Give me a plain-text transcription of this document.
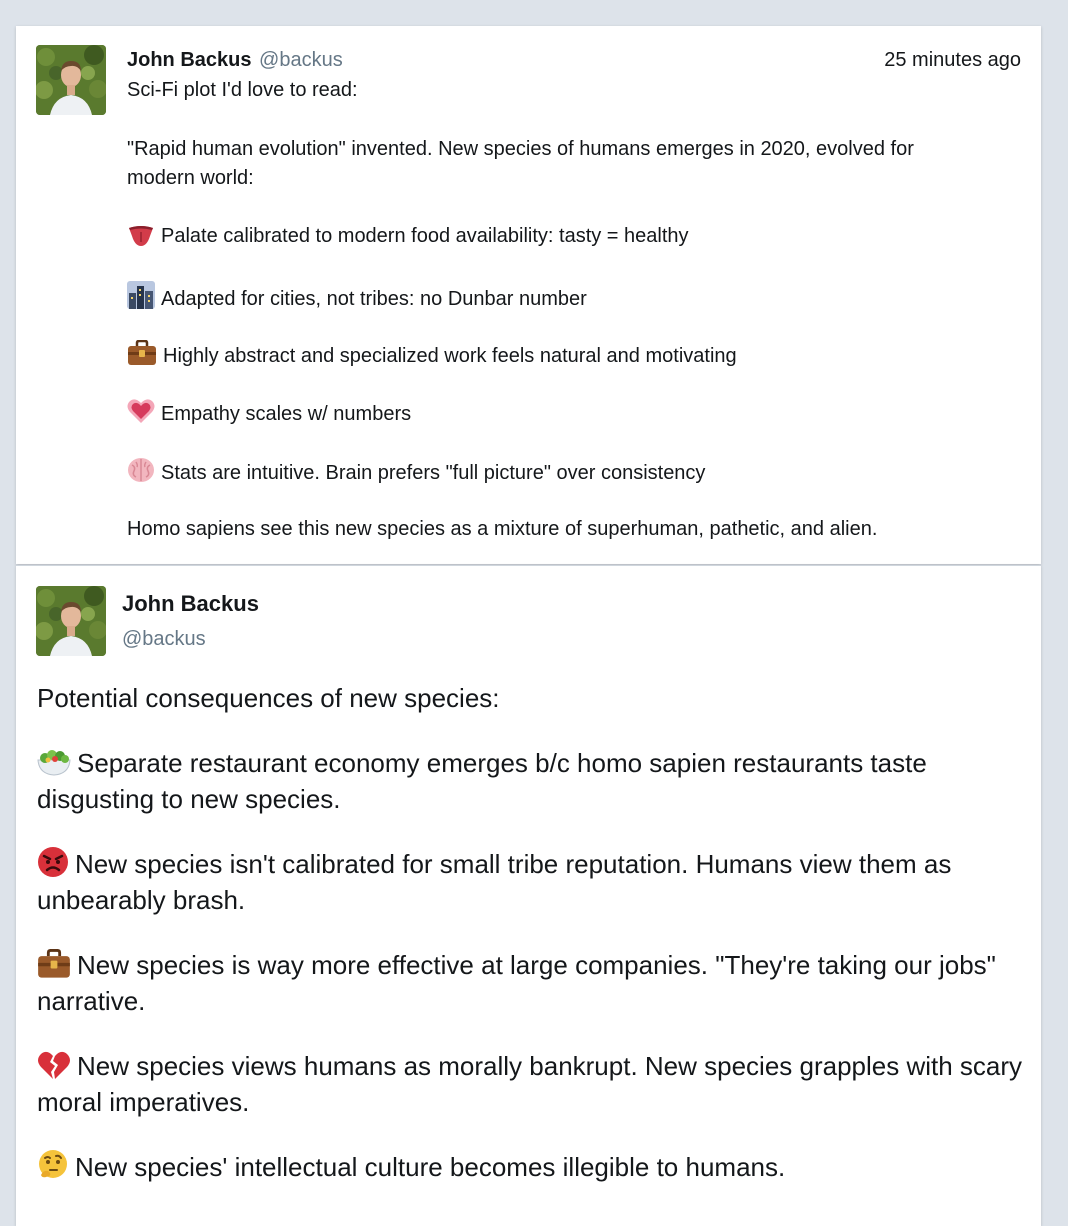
John Backus @backus	25 minutes ago
Sci-Fi plot I'd love to read:
"Rapid human evolution" invented. New species of humans emerges in 2020, evolved for
modern world:
Palate calibrated to modern food availability: tasty = healthy
Adapted for cities, not tribes: no Dunbar number
Highly abstract and specialized work feels natural and motivating
Empathy scales w/ numbers
Stats are intuitive. Brain prefers "full picture" over consistency
Homo sapiens see this new species as a mixture of superhuman, pathetic, and alien.
John Backus
@backus

Potential consequences of new species:

Separate restaurant economy emerges b/c homo sapien restaurants taste disgusting to new species.

New species isn't calibrated for small tribe reputation. Humans view them as unbearably brash.

New species is way more effective at large companies. "They're taking our jobs" narrative.

New species views humans as morally bankrupt. New species grapples with scary moral imperatives.

New species' intellectual culture becomes illegible to humans.
